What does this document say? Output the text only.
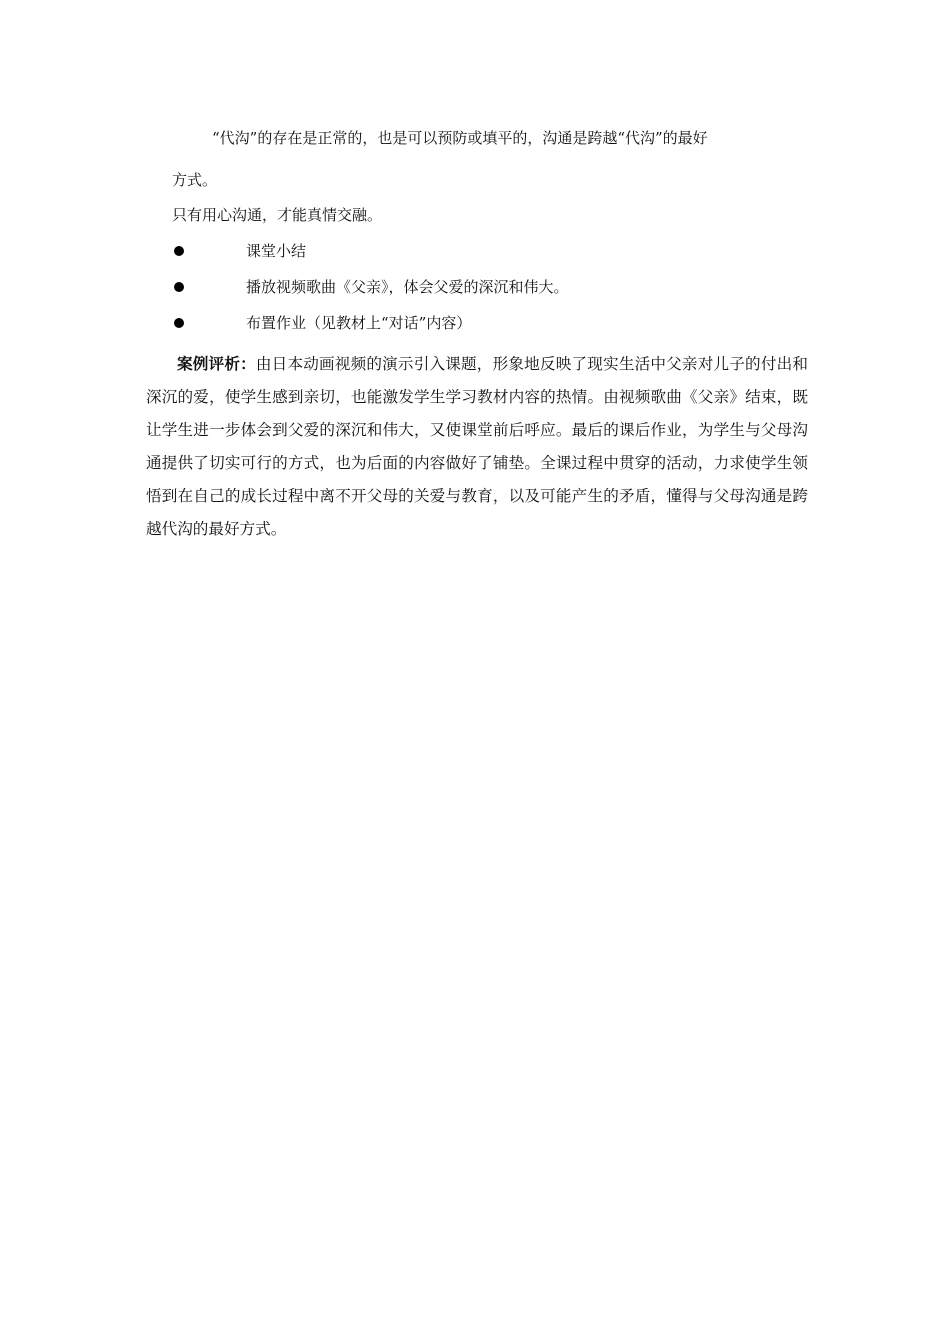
“代沟”的存在是正常的，也是可以预防或填平的，沟通是跨越“代沟”的最好
方式。
只有用心沟通，才能真情交融。
课堂小结
播放视频歌曲《父亲》，体会父爱的深沉和伟大。
布置作业（见教材上“对话”内容）
案例评析：由日本动画视频的演示引入课题，形象地反映了现实生活中父亲对儿子的付出和深沉的爱，使学生感到亲切，也能激发学生学习教材内容的热情。由视频歌曲《父亲》结束，既让学生进一步体会到父爱的深沉和伟大，又使课堂前后呼应。最后的课后作业，为学生与父母沟通提供了切实可行的方式，也为后面的内容做好了铺垫。全课过程中贯穿的活动，力求使学生领悟到在自己的成长过程中离不开父母的关爱与教育，以及可能产生的矛盾，懂得与父母沟通是跨越代沟的最好方式。
